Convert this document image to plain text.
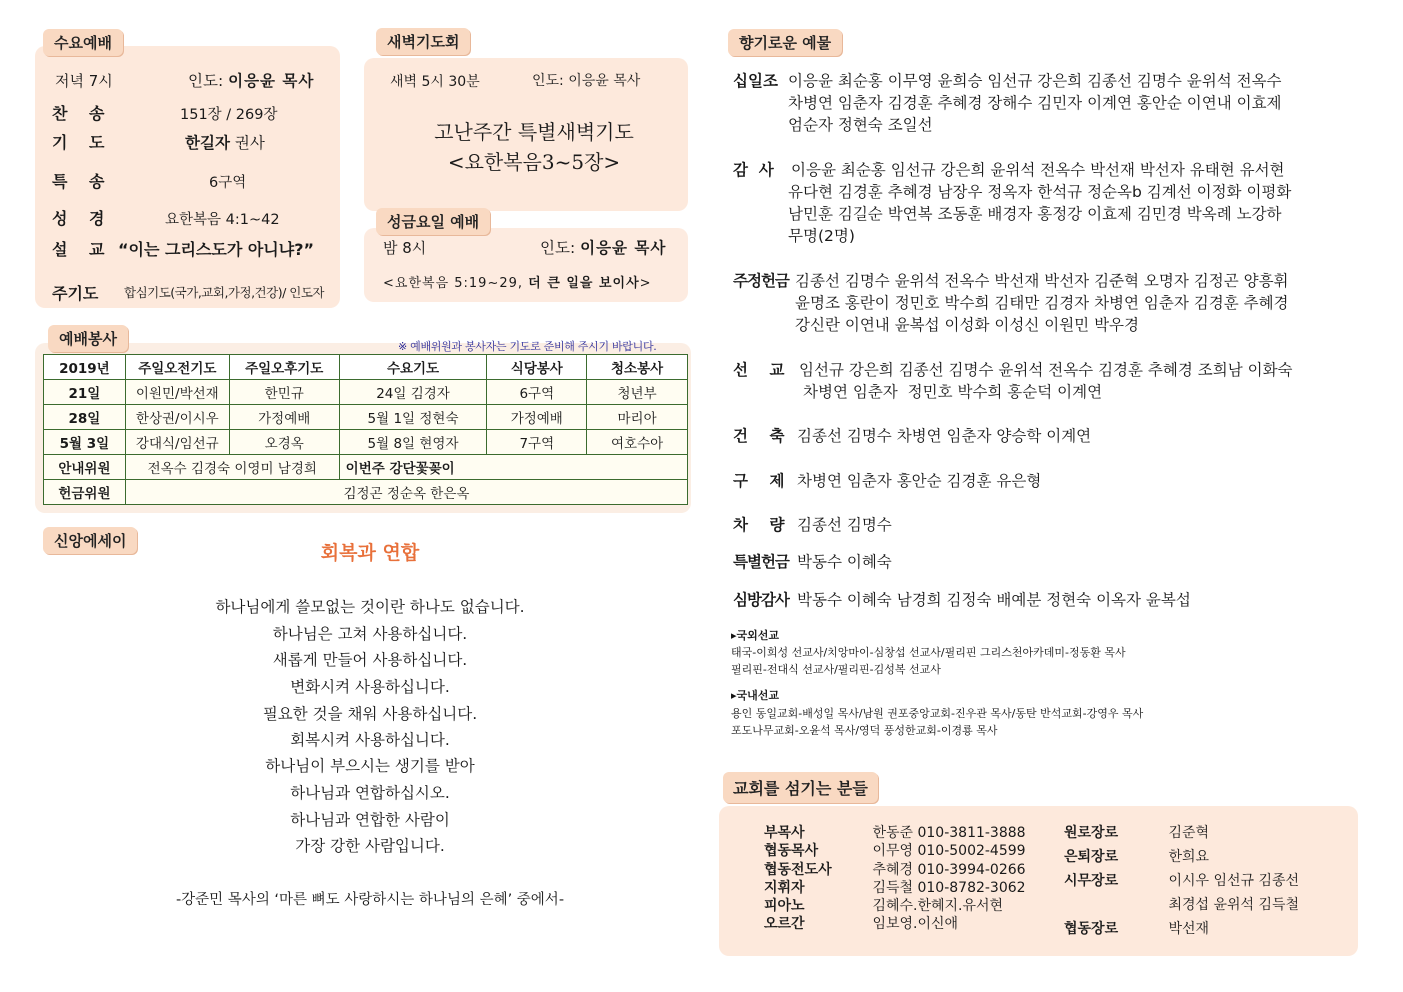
수요예배
저녁 7시	인도: 이응윤 목사
찬 송	151장 / 269장
기 도	한길자 권사
특 송	6구역
성 경	요한복음 4:1~42
설 교 “이는 그리스도가 아니냐?”
주기도 합심기도(국가,교회,가정,건강)/ 인도자
새벽기도회
새벽 5시 30분	인도: 이응윤 목사
고난주간 특별새벽기도
<요한복음3~5장>
성금요일 예배
밤 8시	인도: 이응윤 목사
<요한복음 5:19~29, 더 큰 일을 보이사>
예배봉사	※ 예배위원과 봉사자는 기도로 준비해 주시기 바랍니다.
2019년	주일오전기도	주일오후기도	수요기도	식당봉사	청소봉사
21일	이원민/박선재	한민규	24일 김경자	6구역	청년부
28일	한상권/이시우	가정예배	5월 1일 정현숙	가정예배	마리아
5월 3일	강대식/임선규	오경옥	5월 8일 현영자	7구역	여호수아
안내위원	전옥수 김경숙 이영미 남경희		이번주 강단꽃꽂이		
헌금위원	김정곤 정순옥 한은옥				
신앙에세이
회복과 연합
하나님에게 쓸모없는 것이란 하나도 없습니다.
하나님은 고쳐 사용하십니다.
새롭게 만들어 사용하십니다.
변화시켜 사용하십니다.
필요한 것을 채워 사용하십니다.
회복시켜 사용하십니다.
하나님이 부으시는 생기를 받아
하나님과 연합하십시오.
하나님과 연합한 사람이
가장 강한 사람입니다.
-강준민 목사의 ‘마른 뼈도 사랑하시는 하나님의 은혜’ 중에서-
향기로운 예물
십일조 이응윤 최순홍 이무영 윤희승 임선규 강은희 김종선 김명수 윤위석 전옥수
차병연 임춘자 김경훈 추혜경 장해수 김민자 이계연 홍안순 이연내 이효제
엄순자 정현숙 조일선
감  사 이응윤 최순홍 임선규 강은희 윤위석 전옥수 박선재 박선자 유태현 유서현
유다현 김경훈 추혜경 남장우 정옥자 한석규 정순옥b 김계선 이정화 이평화
남민훈 김길순 박연복 조동훈 배경자 홍정강 이효제 김민경 박옥례 노강하
무명(2명)
주정헌금 김종선 김명수 윤위석 전옥수 박선재 박선자 김준혁 오명자 김정곤 양흥휘
윤명조 홍란이 정민호 박수희 김태만 김경자 차병연 임춘자 김경훈 추혜경
강신란 이연내 윤복섭 이성화 이성신 이원민 박우경
선    교 임선규 강은희 김종선 김명수 윤위석 전옥수 김경훈 추혜경 조희남 이화숙
차병연 임춘자  정민호 박수희 홍순덕 이계연
건    축 김종선 김명수 차병연 임춘자 양승학 이계연
구    제 차병연 임춘자 홍안순 김경훈 유은형
차    량 김종선 김명수
특별헌금 박동수 이혜숙
심방감사 박동수 이혜숙 남경희 김정숙 배예분 정현숙 이옥자 윤복섭
▸국외선교
태국-이희성 선교사/치앙마이-심창섭 선교사/필리핀 그리스천아카데미-정동환 목사
필리핀-전대식 선교사/필리핀-김성복 선교사
▸국내선교
용인 동일교회-배성일 목사/남원 권포중앙교회-진우관 목사/동탄 반석교회-강영우 목사
포도나무교회-오윤석 목사/영덕 풍성한교회-이경룡 목사
교회를 섬기는 분들
부목사	한동준 010-3811-3888
협동목사	이무영 010-5002-4599
협동전도사	추혜경 010-3994-0266
지휘자	김득철 010-8782-3062
피아노	김혜수.한혜지.유서현
오르간	임보영.이신애
원로장로	김준혁
은퇴장로	한희요
시무장로	이시우 임선규 김종선
최경섭 윤위석 김득철
협동장로	박선재
